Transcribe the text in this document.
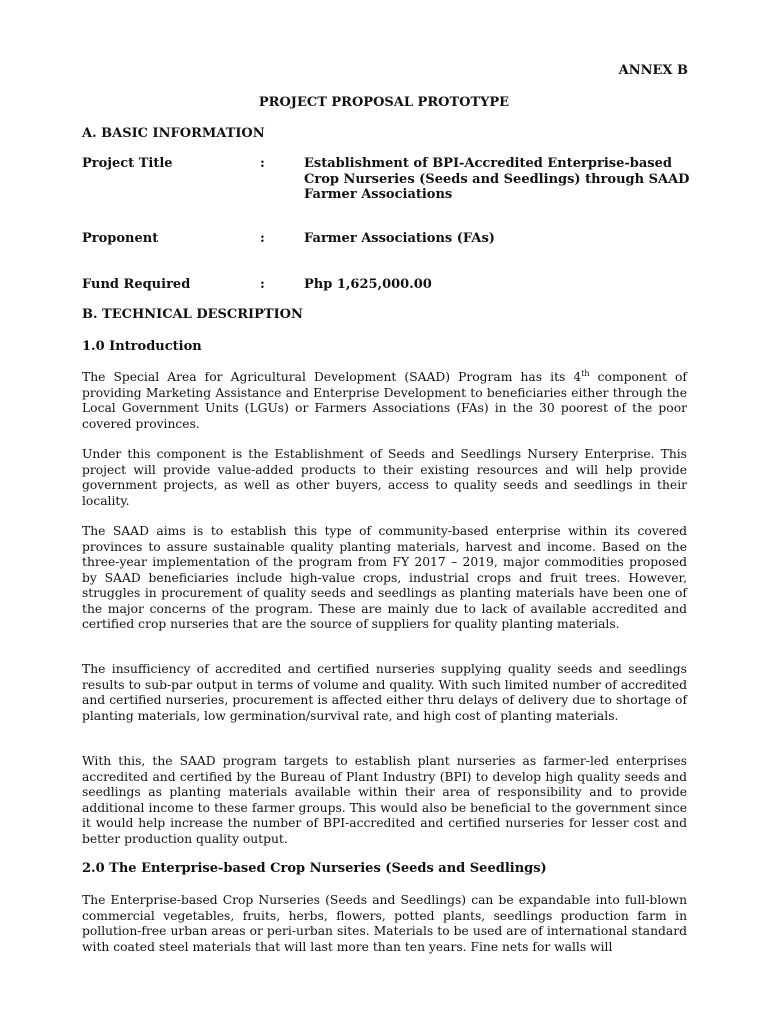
ANNEX B
PROJECT PROPOSAL PROTOTYPE
A. BASIC INFORMATION
Project Title	:	Establishment of BPI-Accredited Enterprise-based Crop Nurseries (Seeds and Seedlings) through SAAD Farmer Associations
Proponent	:	Farmer Associations (FAs)
Fund Required	:	Php 1,625,000.00
B. TECHNICAL DESCRIPTION
1.0 Introduction
The Special Area for Agricultural Development (SAAD) Program has its 4th component of providing Marketing Assistance and Enterprise Development to beneficiaries either through the Local Government Units (LGUs) or Farmers Associations (FAs) in the 30 poorest of the poor covered provinces.
Under this component is the Establishment of Seeds and Seedlings Nursery Enterprise. This project will provide value-added products to their existing resources and will help provide government projects, as well as other buyers, access to quality seeds and seedlings in their locality.
The SAAD aims is to establish this type of community-based enterprise within its covered provinces to assure sustainable quality planting materials, harvest and income. Based on the three-year implementation of the program from FY 2017 – 2019, major commodities proposed by SAAD beneficiaries include high-value crops, industrial crops and fruit trees. However, struggles in procurement of quality seeds and seedlings as planting materials have been one of the major concerns of the program. These are mainly due to lack of available accredited and certified crop nurseries that are the source of suppliers for quality planting materials.
The insufficiency of accredited and certified nurseries supplying quality seeds and seedlings results to sub-par output in terms of volume and quality. With such limited number of accredited and certified nurseries, procurement is affected either thru delays of delivery due to shortage of planting materials, low germination/survival rate, and high cost of planting materials.
With this, the SAAD program targets to establish plant nurseries as farmer-led enterprises accredited and certified by the Bureau of Plant Industry (BPI) to develop high quality seeds and seedlings as planting materials available within their area of responsibility and to provide additional income to these farmer groups. This would also be beneficial to the government since it would help increase the number of BPI-accredited and certified nurseries for lesser cost and better production quality output.
2.0 The Enterprise-based Crop Nurseries (Seeds and Seedlings)
The Enterprise-based Crop Nurseries (Seeds and Seedlings) can be expandable into full-blown commercial vegetables, fruits, herbs, flowers, potted plants, seedlings production farm in pollution-free urban areas or peri-urban sites. Materials to be used are of international standard with coated steel materials that will last more than ten years. Fine nets for walls will
